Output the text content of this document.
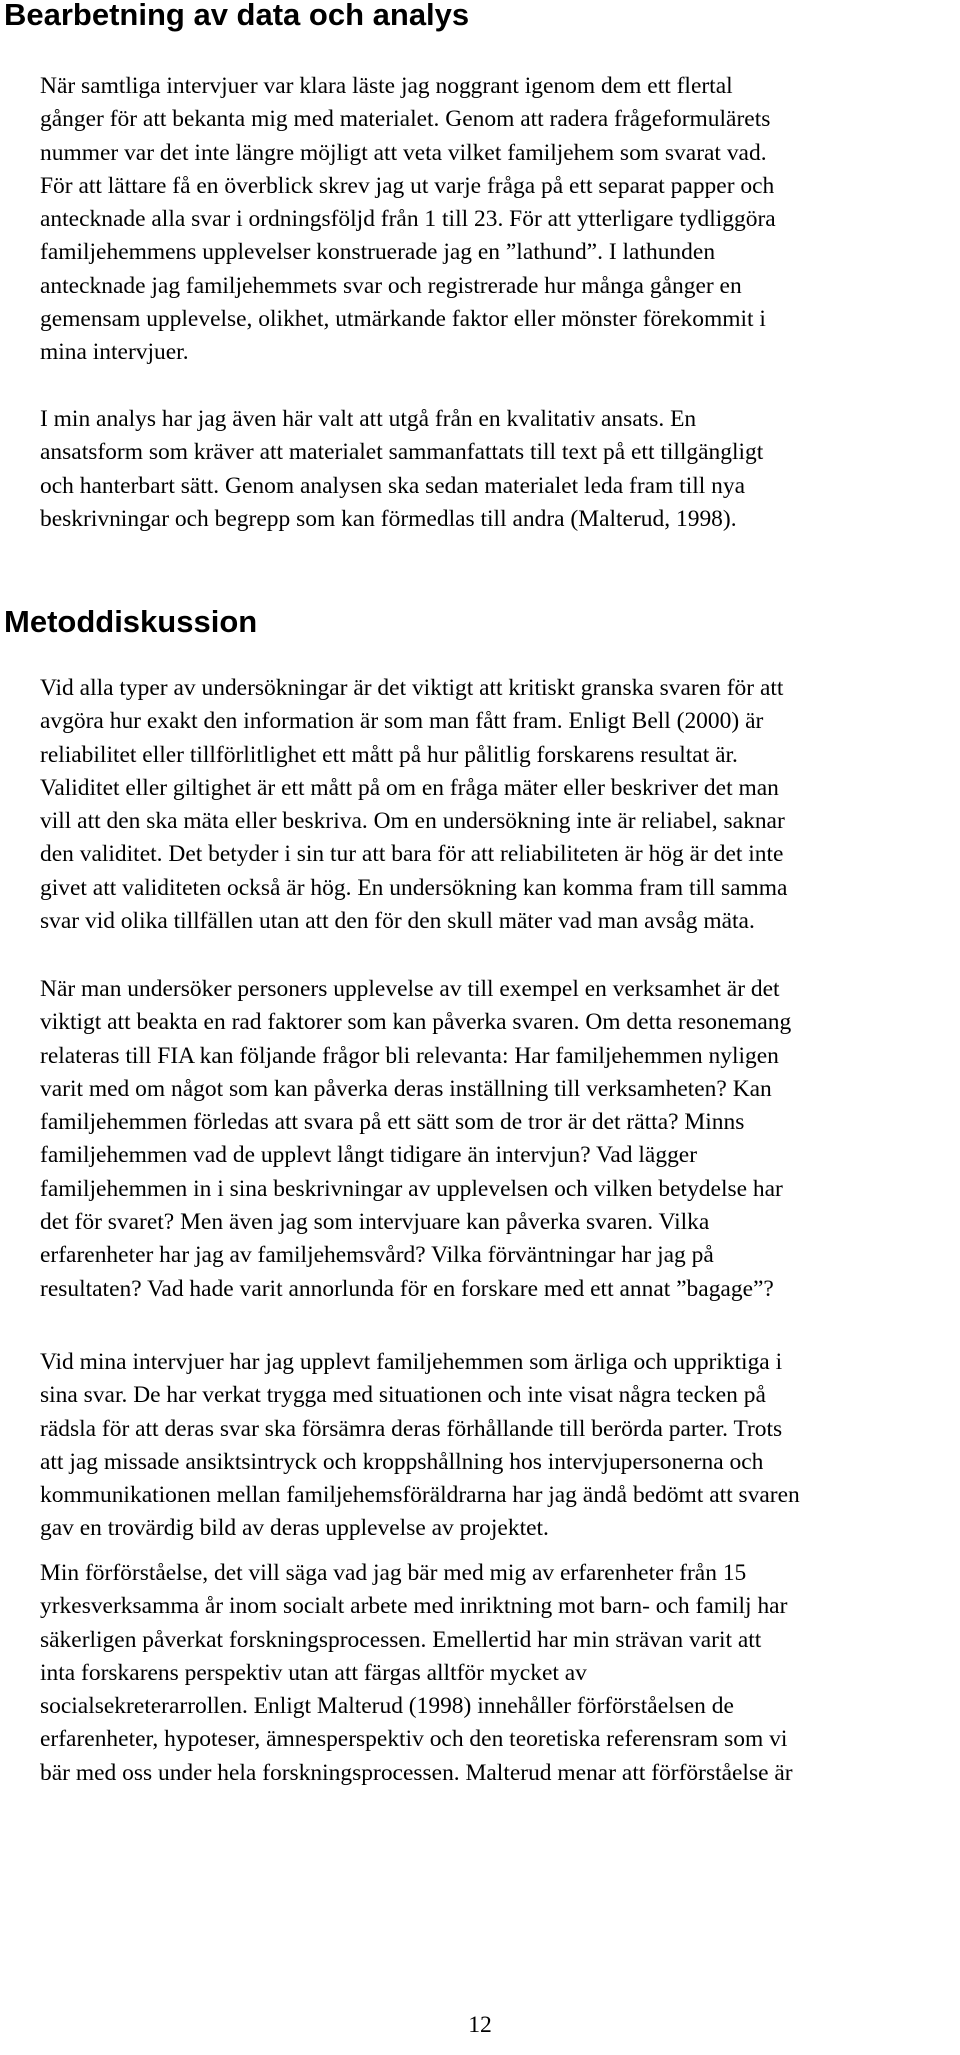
Bearbetning av data och analys
När samtliga intervjuer var klara läste jag noggrant igenom dem ett flertal
gånger för att bekanta mig med materialet. Genom att radera frågeformulärets
nummer var det inte längre möjligt att veta vilket familjehem som svarat vad.
För att lättare få en överblick skrev jag ut varje fråga på ett separat papper och
antecknade alla svar i ordningsföljd från 1 till 23. För att ytterligare tydliggöra
familjehemmens upplevelser konstruerade jag en ”lathund”. I lathunden
antecknade jag familjehemmets svar och registrerade hur många gånger en
gemensam upplevelse, olikhet, utmärkande faktor eller mönster förekommit i
mina intervjuer.
I min analys har jag även här valt att utgå från en kvalitativ ansats. En
ansatsform som kräver att materialet sammanfattats till text på ett tillgängligt
och hanterbart sätt. Genom analysen ska sedan materialet leda fram till nya
beskrivningar och begrepp som kan förmedlas till andra (Malterud, 1998).
Metoddiskussion
Vid alla typer av undersökningar är det viktigt att kritiskt granska svaren för att
avgöra hur exakt den information är som man fått fram. Enligt Bell (2000) är
reliabilitet eller tillförlitlighet ett mått på hur pålitlig forskarens resultat är.
Validitet eller giltighet är ett mått på om en fråga mäter eller beskriver det man
vill att den ska mäta eller beskriva. Om en undersökning inte är reliabel, saknar
den validitet. Det betyder i sin tur att bara för att reliabiliteten är hög är det inte
givet att validiteten också är hög. En undersökning kan komma fram till samma
svar vid olika tillfällen utan att den för den skull mäter vad man avsåg mäta.
När man undersöker personers upplevelse av till exempel en verksamhet är det
viktigt att beakta en rad faktorer som kan påverka svaren. Om detta resonemang
relateras till FIA kan följande frågor bli relevanta: Har familjehemmen nyligen
varit med om något som kan påverka deras inställning till verksamheten? Kan
familjehemmen förledas att svara på ett sätt som de tror är det rätta? Minns
familjehemmen vad de upplevt långt tidigare än intervjun? Vad lägger
familjehemmen in i sina beskrivningar av upplevelsen och vilken betydelse har
det för svaret? Men även jag som intervjuare kan påverka svaren. Vilka
erfarenheter har jag av familjehemsvård? Vilka förväntningar har jag på
resultaten? Vad hade varit annorlunda för en forskare med ett annat ”bagage”?
Vid mina intervjuer har jag upplevt familjehemmen som ärliga och uppriktiga i
sina svar. De har verkat trygga med situationen och inte visat några tecken på
rädsla för att deras svar ska försämra deras förhållande till berörda parter. Trots
att jag missade ansiktsintryck och kroppshållning hos intervjupersonerna och
kommunikationen mellan familjehemsföräldrarna har jag ändå bedömt att svaren
gav en trovärdig bild av deras upplevelse av projektet.
Min förförståelse, det vill säga vad jag bär med mig av erfarenheter från 15
yrkesverksamma år inom socialt arbete med inriktning mot barn- och familj har
säkerligen påverkat forskningsprocessen. Emellertid har min strävan varit att
inta forskarens perspektiv utan att färgas alltför mycket av
socialsekreterarrollen. Enligt Malterud (1998) innehåller förförståelsen de
erfarenheter, hypoteser, ämnesperspektiv och den teoretiska referensram som vi
bär med oss under hela forskningsprocessen. Malterud menar att förförståelse är
12
